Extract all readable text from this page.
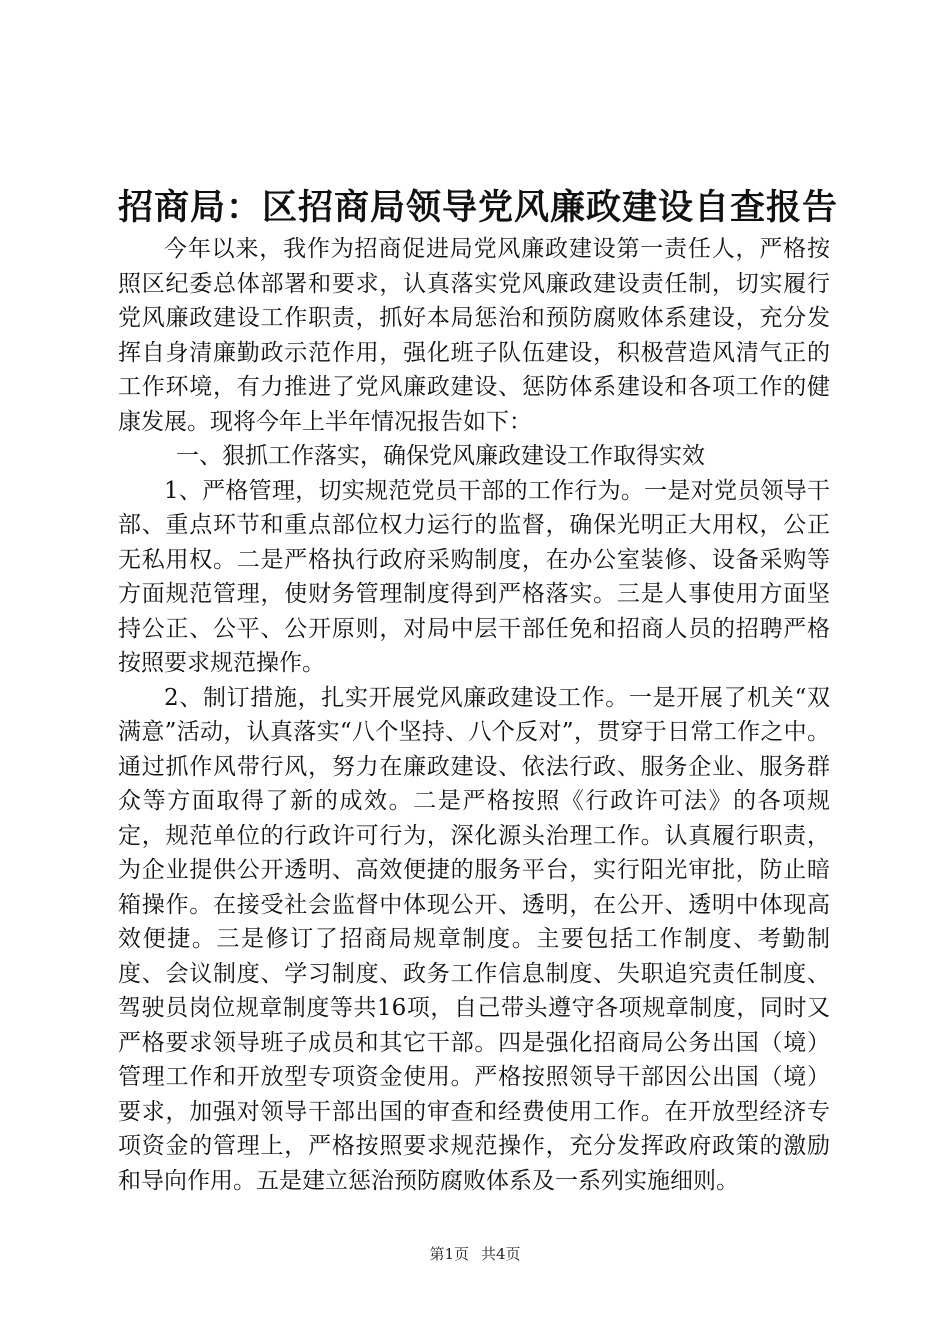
招商局：区招商局领导党风廉政建设自查报告

今年以来，我作为招商促进局党风廉政建设第一责任人，严格按照区纪委总体部署和要求，认真落实党风廉政建设责任制，切实履行党风廉政建设工作职责，抓好本局惩治和预防腐败体系建设，充分发挥自身清廉勤政示范作用，强化班子队伍建设，积极营造风清气正的工作环境，有力推进了党风廉政建设、惩防体系建设和各项工作的健康发展。现将今年上半年情况报告如下：

一、狠抓工作落实，确保党风廉政建设工作取得实效

1、严格管理，切实规范党员干部的工作行为。一是对党员领导干部、重点环节和重点部位权力运行的监督，确保光明正大用权，公正无私用权。二是严格执行政府采购制度，在办公室装修、设备采购等方面规范管理，使财务管理制度得到严格落实。三是人事使用方面坚持公正、公平、公开原则，对局中层干部任免和招商人员的招聘严格按照要求规范操作。

2、制订措施，扎实开展党风廉政建设工作。一是开展了机关“双满意”活动，认真落实“八个坚持、八个反对”，贯穿于日常工作之中。通过抓作风带行风，努力在廉政建设、依法行政、服务企业、服务群众等方面取得了新的成效。二是严格按照《行政许可法》的各项规定，规范单位的行政许可行为，深化源头治理工作。认真履行职责，为企业提供公开透明、高效便捷的服务平台，实行阳光审批，防止暗箱操作。在接受社会监督中体现公开、透明，在公开、透明中体现高效便捷。三是修订了招商局规章制度。主要包括工作制度、考勤制度、会议制度、学习制度、政务工作信息制度、失职追究责任制度、驾驶员岗位规章制度等共16项，自己带头遵守各项规章制度，同时又严格要求领导班子成员和其它干部。四是强化招商局公务出国（境）管理工作和开放型专项资金使用。严格按照领导干部因公出国（境）要求，加强对领导干部出国的审查和经费使用工作。在开放型经济专项资金的管理上，严格按照要求规范操作，充分发挥政府政策的激励和导向作用。五是建立惩治预防腐败体系及一系列实施细则。

第1页 共4页
